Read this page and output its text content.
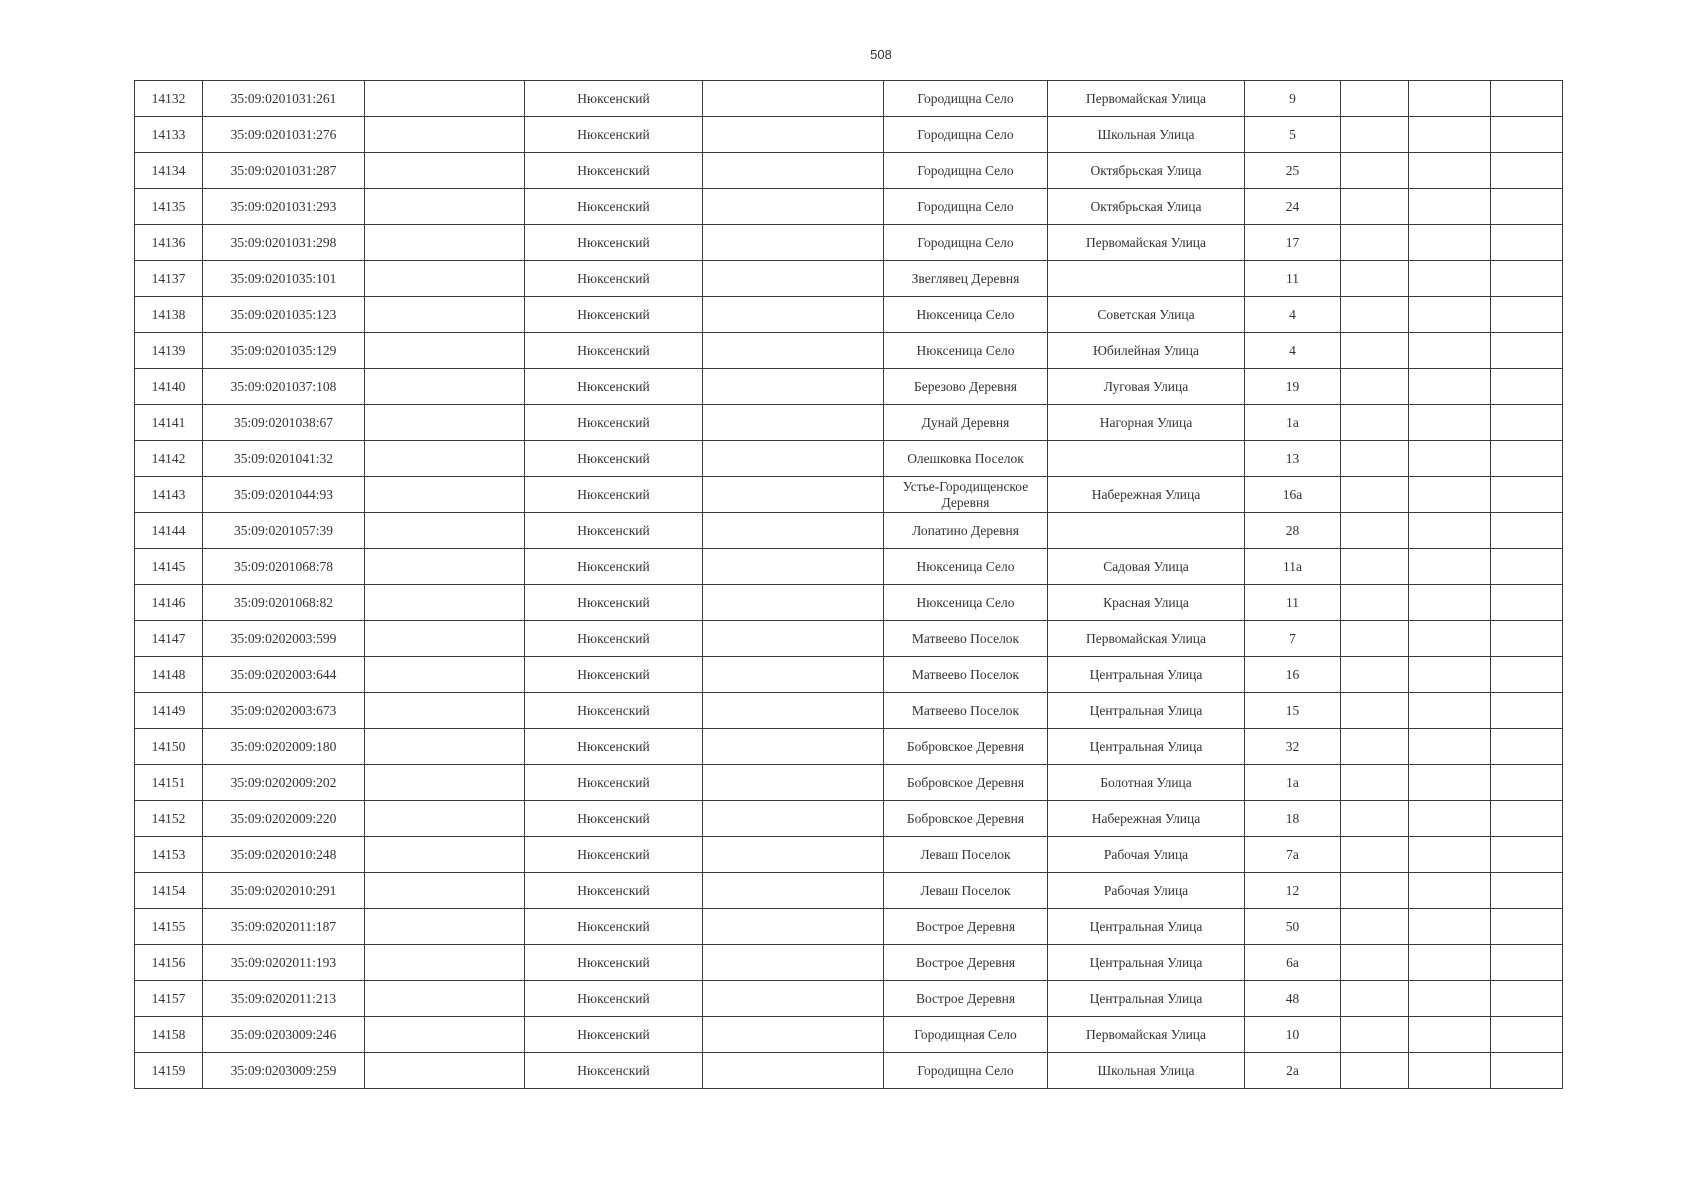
508
14132	35:09:0201031:261		Нюксенский		Городищна Село	Первомайская Улица	9			
14133	35:09:0201031:276		Нюксенский		Городищна Село	Школьная Улица	5			
14134	35:09:0201031:287		Нюксенский		Городищна Село	Октябрьская Улица	25			
14135	35:09:0201031:293		Нюксенский		Городищна Село	Октябрьская Улица	24			
14136	35:09:0201031:298		Нюксенский		Городищна Село	Первомайская Улица	17			
14137	35:09:0201035:101		Нюксенский		Звеглявец Деревня		11			
14138	35:09:0201035:123		Нюксенский		Нюксеница Село	Советская Улица	4			
14139	35:09:0201035:129		Нюксенский		Нюксеница Село	Юбилейная Улица	4			
14140	35:09:0201037:108		Нюксенский		Березово Деревня	Луговая Улица	19			
14141	35:09:0201038:67		Нюксенский		Дунай Деревня	Нагорная Улица	1а			
14142	35:09:0201041:32		Нюксенский		Олешковка Поселок		13			
14143	35:09:0201044:93		Нюксенский		Устье-Городищенское Деревня	Набережная Улица	16а			
14144	35:09:0201057:39		Нюксенский		Лопатино Деревня		28			
14145	35:09:0201068:78		Нюксенский		Нюксеница Село	Садовая Улица	11а			
14146	35:09:0201068:82		Нюксенский		Нюксеница Село	Красная Улица	11			
14147	35:09:0202003:599		Нюксенский		Матвеево Поселок	Первомайская Улица	7			
14148	35:09:0202003:644		Нюксенский		Матвеево Поселок	Центральная Улица	16			
14149	35:09:0202003:673		Нюксенский		Матвеево Поселок	Центральная Улица	15			
14150	35:09:0202009:180		Нюксенский		Бобровское Деревня	Центральная Улица	32			
14151	35:09:0202009:202		Нюксенский		Бобровское Деревня	Болотная Улица	1а			
14152	35:09:0202009:220		Нюксенский		Бобровское Деревня	Набережная Улица	18			
14153	35:09:0202010:248		Нюксенский		Леваш Поселок	Рабочая Улица	7а			
14154	35:09:0202010:291		Нюксенский		Леваш Поселок	Рабочая Улица	12			
14155	35:09:0202011:187		Нюксенский		Вострое Деревня	Центральная Улица	50			
14156	35:09:0202011:193		Нюксенский		Вострое Деревня	Центральная Улица	6а			
14157	35:09:0202011:213		Нюксенский		Вострое Деревня	Центральная Улица	48			
14158	35:09:0203009:246		Нюксенский		Городищная Село	Первомайская Улица	10			
14159	35:09:0203009:259		Нюксенский		Городищна Село	Школьная Улица	2а			
